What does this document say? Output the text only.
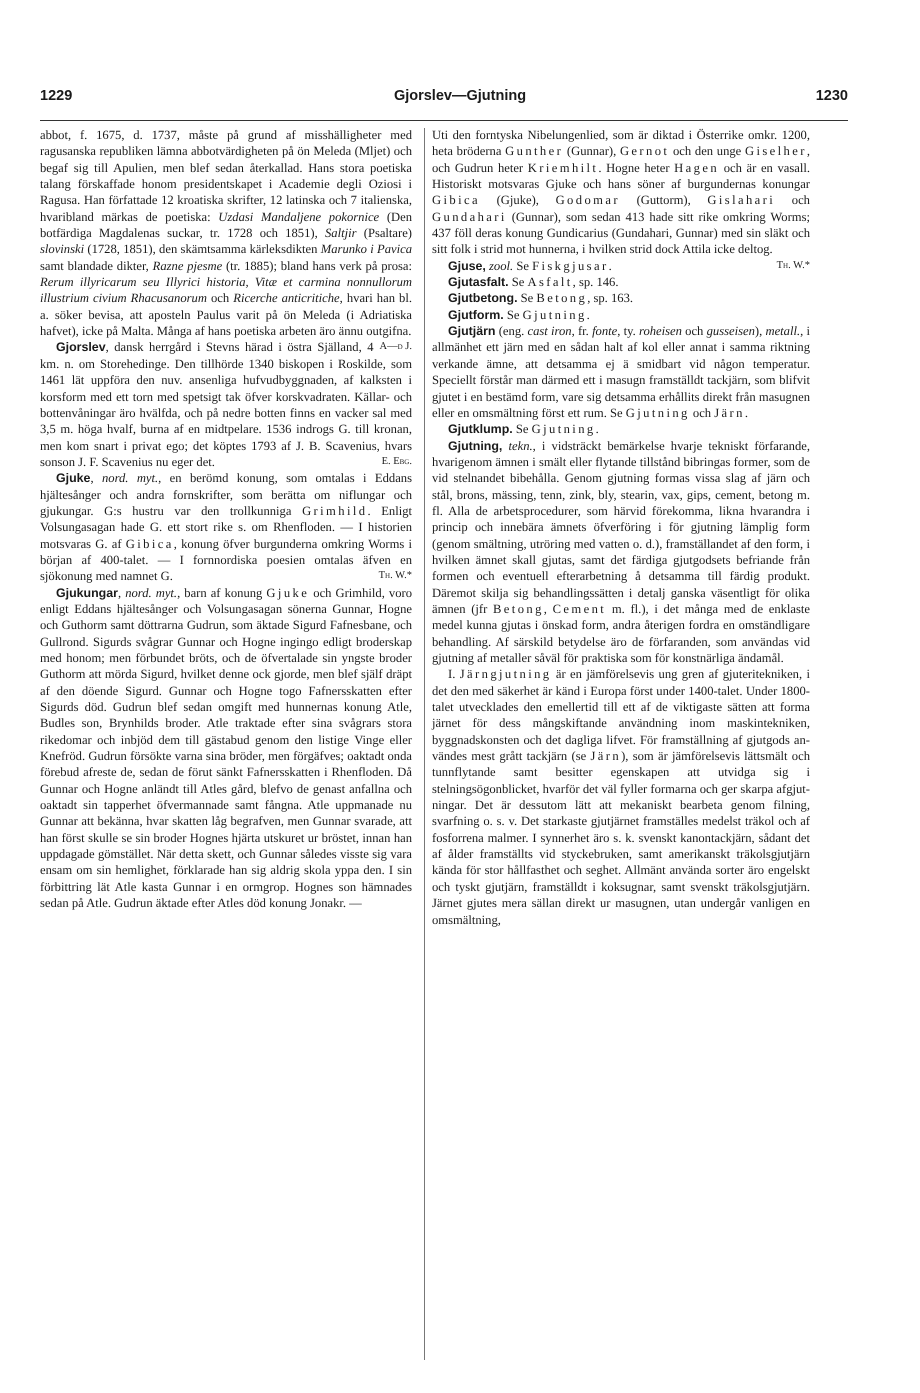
1229	Gjorslev—Gjutning	1230

abbot, f. 1675, d. 1737, måste på grund af misshälligheter med ragusanska republiken lämna abbotvärdigheten på ön Meleda (Mljet) och begaf sig till Apulien, men blef sedan återkallad. Hans stora poetiska talang förskaffade honom presidentskapet i Academie degli Oziosi i Ragusa. Han författade 12 kroatiska skrifter, 12 latinska och 7 italienska, hvaribland märkas de poetiska: Uzdasi Mandaljene pokornice (Den botfärdiga Magdalenas suckar, tr. 1728 och 1851), Saltjir (Psaltare) slovinski (1728, 1851), den skämtsamma kärleksdikten Marunko i Pavica samt blandade dikter, Razne pjesme (tr. 1885); bland hans verk på prosa: Rerum illyricarum seu Illyrici historia, Vitæ et carmina nonnullorum illustrium civium Rhacusanorum och Ricerche anticritiche, hvari han bl. a. söker bevisa, att aposteln Paulus varit på ön Meleda (i Adriatiska hafvet), icke på Malta. Många af hans poetiska arbeten äro ännu outgifna.
A—d J.

Gjorslev, dansk herrgård i Stevns härad i östra Själland, 4 km. n. om Storehedinge. Den tillhörde 1340 biskopen i Roskilde, som 1461 lät uppföra den nuv. ansenliga hufvudbyggnaden, af kalksten i korsform med ett torn med spetsigt tak öfver korskvadraten. Källar- och bottenvåningar äro hvälfda, och på nedre botten finns en vacker sal med 3,5 m. höga hvalf, burna af en midtpelare. 1536 indrogs G. till kronan, men kom snart i privat ego; det köptes 1793 af J. B. Scavenius, hvars sonson J. F. Scavenius nu eger det.	E. Ebg.

Gjuke, nord. myt., en berömd konung, som omtalas i Eddans hjältesånger och andra fornskrifter, som berätta om niflungar och gjukungar. G:s hustru var den trollkunniga Grimhild. Enligt Volsungasagan hade G. ett stort rike s. om Rhenfloden. — I historien motsvaras G. af Gibica, konung öfver burgunderna omkring Worms i början af 400-talet. — I fornnordiska poesien omtalas äfven en sjökonung med namnet G.	Th. W.*

Gjukungar, nord. myt., barn af konung Gjuke och Grimhild, voro enligt Eddans hjältesånger och Volsungasagan sönerna Gunnar, Hogne och Guthorm samt döttrarna Gudrun, som äktade Sigurd Fafnesbane, och Gullrond. Sigurds svågrar Gunnar och Hogne ingingo edligt broderskap med honom; men förbundet bröts, och de öfvertalade sin yngste broder Guthorm att mörda Sigurd, hvilket denne ock gjorde, men blef själf dräpt af den döende Sigurd. Gunnar och Hogne togo Fafnersskatten efter Sigurds död. Gudrun blef sedan omgift med hunnernas konung Atle, Budles son, Brynhilds broder. Atle traktade efter sina svågrars stora rikedomar och inbjöd dem till gästabud genom den listige Vinge eller Knefröd. Gudrun försökte varna sina bröder, men förgäfves; oaktadt onda förebud afreste de, sedan de förut sänkt Fafnersskatten i Rhenfloden. Då Gunnar och Hogne anländt till Atles gård, blefvo de genast anfallna och oaktadt sin tapperhet öfvermannade samt fångna. Atle uppmanade nu Gunnar att bekänna, hvar skatten låg begrafven, men Gunnar svarade, att han först skulle se sin broder Hognes hjärta utskuret ur bröstet, innan han uppdagade gömstället. När detta skett, och Gunnar således visste sig vara ensam om sin hemlighet, förklarade han sig aldrig skola yppa den. I sin förbittring lät Atle kasta Gunnar i en ormgrop. Hognes son hämnades sedan på Atle. Gudrun äktade efter Atles död konung Jonakr. —

Uti den forntyska Nibelungenlied, som är diktad i Österrike omkr. 1200, heta bröderna Gunther (Gunnar), Gernot och den unge Giselher, och Gudrun heter Kriemhilt. Hogne heter Hagen och är en vasall. Historiskt motsvaras Gjuke och hans söner af burgundernas konungar Gibica (Gjuke), Godomar (Guttorm), Gislahari och Gundahari (Gunnar), som sedan 413 hade sitt rike omkring Worms; 437 föll deras konung Gundicarius (Gundahari, Gunnar) med sin släkt och sitt folk i strid mot hunnerna, i hvilken strid dock Attila icke deltog.
Th. W.*

Gjuse, zool. Se Fiskgjusar.

Gjutasfalt. Se Asfalt, sp. 146.

Gjutbetong. Se Betong, sp. 163.

Gjutform. Se Gjutning.

Gjutjärn (eng. cast iron, fr. fonte, ty. roheisen och gusseisen), metall., i allmänhet ett järn med en sådan halt af kol eller annat i samma riktning verkande ämne, att detsamma ej ä smidbart vid någon temperatur. Speciellt förstår man därmed ett i masugn framställdt tackjärn, som blifvit gjutet i en bestämd form, vare sig detsamma erhållits direkt från masugnen eller en omsmältning först ett rum. Se Gjutning och Järn.

Gjutklump. Se Gjutning.

Gjutning, tekn., i vidsträckt bemärkelse hvarje tekniskt förfarande, hvarigenom ämnen i smält eller flytande tillstånd bibringas former, som de vid stelnandet bibehålla. Genom gjutning formas vissa slag af järn och stål, brons, mässing, tenn, zink, bly, stearin, vax, gips, cement, betong m. fl. Alla de arbetsprocedurer, som härvid förekomma, likna hvarandra i princip och innebära ämnets öfverföring i för gjutning lämplig form (genom smältning, utröring med vatten o. d.), framställandet af den form, i hvilken ämnet skall gjutas, samt det färdiga gjutgodsets befriande från formen och eventuell efterarbetning å detsamma till färdig produkt. Däremot skilja sig behandlingssätten i detalj ganska väsentligt för olika ämnen (jfr Betong, Cement m. fl.), i det många med de enklaste medel kunna gjutas i önskad form, andra återigen fordra en omständligare behandling. Af särskild betydelse äro de förfaranden, som användas vid gjutning af metaller såväl för praktiska som för konstnärliga ändamål.

I. Järngjutning är en jämförelsevis ung gren af gjuteritekniken, i det den med säkerhet är känd i Europa först under 1400-talet. Under 1800-talet utvecklades den emellertid till ett af de viktigaste sätten att forma järnet för dess mångskiftande användning inom maskintekniken, byggnadskonsten och det dagliga lifvet. För framställning af gjutgods användes mest grått tackjärn (se Järn), som är jämförelsevis lättsmält och tunnflytande samt besitter egenskapen att utvidga sig i stelningsögonblicket, hvarför det väl fyller formarna och ger skarpa afgjutningar. Det är dessutom lätt att mekaniskt bearbeta genom filning, svarfning o. s. v. Det starkaste gjutjärnet framställes medelst träkol och af fosforrena malmer. I synnerhet äro s. k. svenskt kanontackjärn, sådant det af ålder framställts vid styckebruken, samt amerikanskt träkolsgjutjärn kända för stor hållfasthet och seghet. Allmänt använda sorter äro engelskt och tyskt gjutjärn, framställdt i koksugnar, samt svenskt träkolsgjutjärn. Järnet gjutes mera sällan direkt ur masugnen, utan undergår vanligen en omsmältning,
